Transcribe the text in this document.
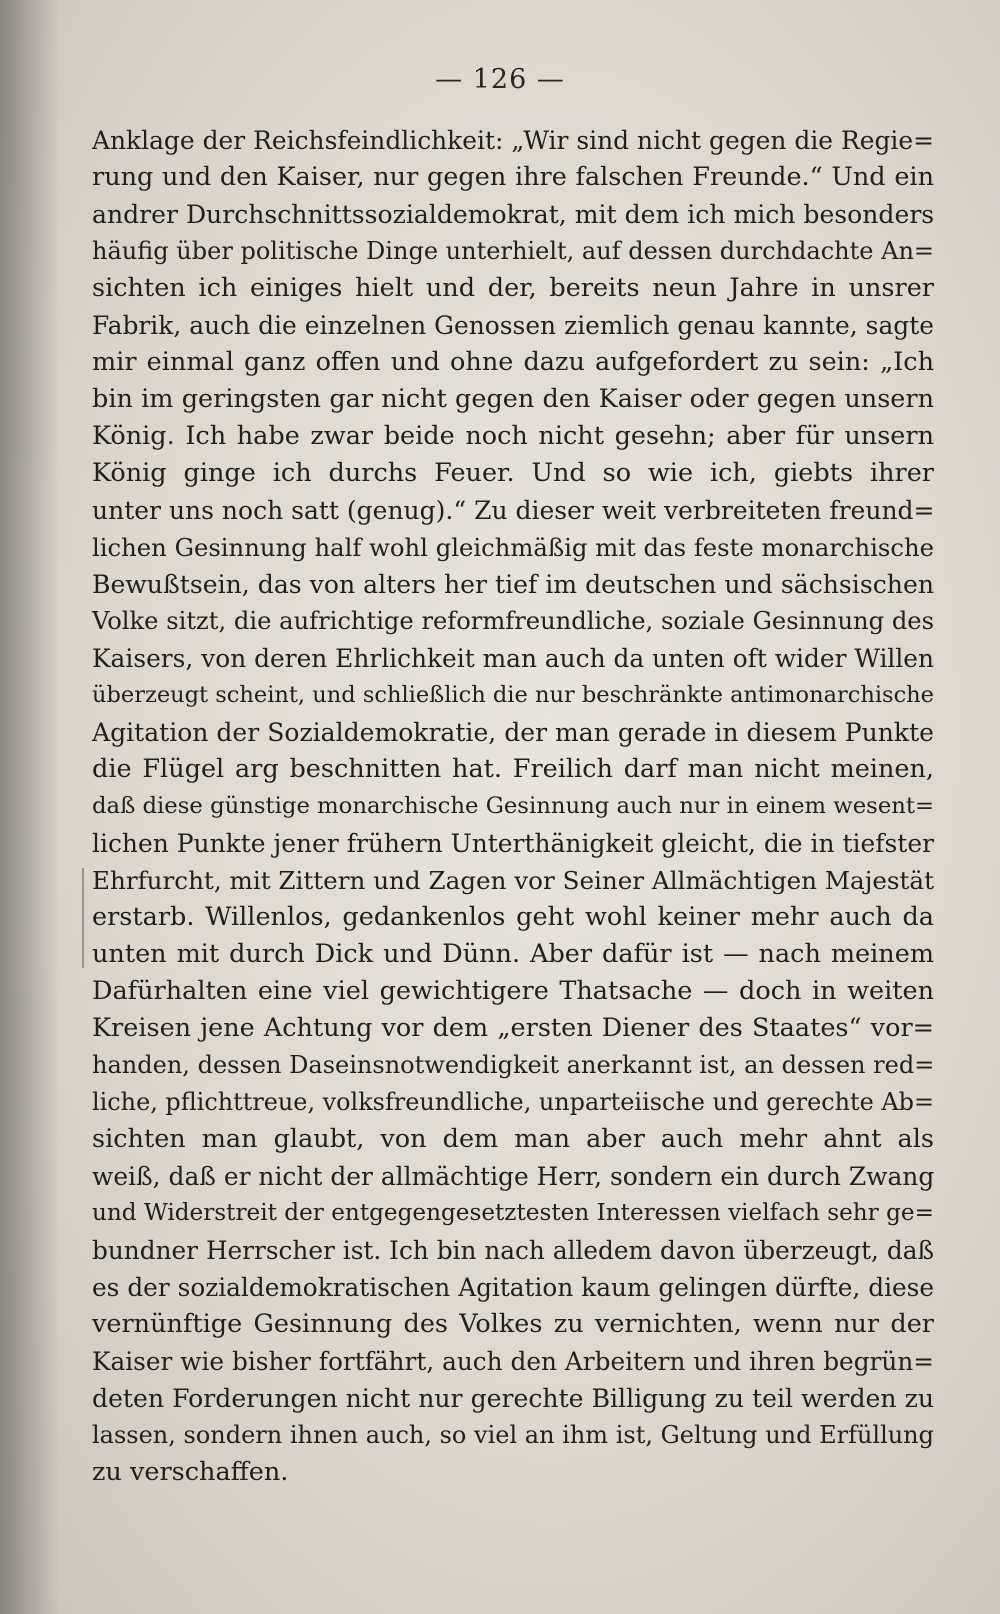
— 126 —
Anklage der Reichsfeindlichkeit: „Wir sind nicht gegen die Regie=
rung und den Kaiser, nur gegen ihre falschen Freunde.“ Und ein
andrer Durchschnittssozialdemokrat, mit dem ich mich besonders
häufig über politische Dinge unterhielt, auf dessen durchdachte An=
sichten ich einiges hielt und der, bereits neun Jahre in unsrer
Fabrik, auch die einzelnen Genossen ziemlich genau kannte, sagte
mir einmal ganz offen und ohne dazu aufgefordert zu sein: „Ich
bin im geringsten gar nicht gegen den Kaiser oder gegen unsern
König. Ich habe zwar beide noch nicht gesehn; aber für unsern
König ginge ich durchs Feuer. Und so wie ich, giebts ihrer
unter uns noch satt (genug).“ Zu dieser weit verbreiteten freund=
lichen Gesinnung half wohl gleichmäßig mit das feste monarchische
Bewußtsein, das von alters her tief im deutschen und sächsischen
Volke sitzt, die aufrichtige reformfreundliche, soziale Gesinnung des
Kaisers, von deren Ehrlichkeit man auch da unten oft wider Willen
überzeugt scheint, und schließlich die nur beschränkte antimonarchische
Agitation der Sozialdemokratie, der man gerade in diesem Punkte
die Flügel arg beschnitten hat. Freilich darf man nicht meinen,
daß diese günstige monarchische Gesinnung auch nur in einem wesent=
lichen Punkte jener frühern Unterthänigkeit gleicht, die in tiefster
Ehrfurcht, mit Zittern und Zagen vor Seiner Allmächtigen Majestät
erstarb. Willenlos, gedankenlos geht wohl keiner mehr auch da
unten mit durch Dick und Dünn. Aber dafür ist — nach meinem
Dafürhalten eine viel gewichtigere Thatsache — doch in weiten
Kreisen jene Achtung vor dem „ersten Diener des Staates“ vor=
handen, dessen Daseinsnotwendigkeit anerkannt ist, an dessen red=
liche, pflichttreue, volksfreundliche, unparteiische und gerechte Ab=
sichten man glaubt, von dem man aber auch mehr ahnt als
weiß, daß er nicht der allmächtige Herr, sondern ein durch Zwang
und Widerstreit der entgegengesetztesten Interessen vielfach sehr ge=
bundner Herrscher ist. Ich bin nach alledem davon überzeugt, daß
es der sozialdemokratischen Agitation kaum gelingen dürfte, diese
vernünftige Gesinnung des Volkes zu vernichten, wenn nur der
Kaiser wie bisher fortfährt, auch den Arbeitern und ihren begrün=
deten Forderungen nicht nur gerechte Billigung zu teil werden zu
lassen, sondern ihnen auch, so viel an ihm ist, Geltung und Erfüllung
zu verschaffen.
